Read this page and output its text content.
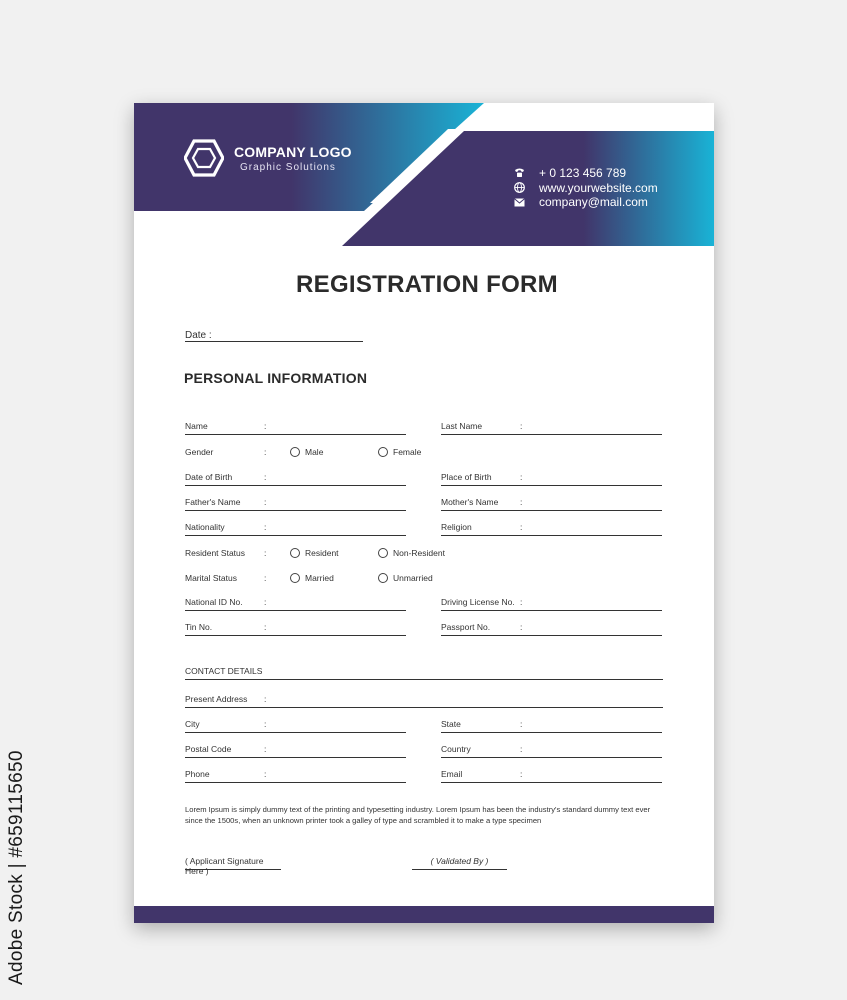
Adobe Stock | #659115650
COMPANY LOGO
Graphic Solutions	+ 0 123 456 789
www.yourwebsite.com
company@mail.com
REGISTRATION FORM
Date :
PERSONAL INFORMATION
Name	:	Last Name	:
Gender	:	Male	Female
Date of Birth	:	Place of Birth	:
Father's Name	:	Mother's Name	:
Nationality	:	Religion	:
Resident Status :	Resident	Non-Resident
Marital Status	:	Married	Unmarried
National ID No.	:	Driving License No. :
Tin No.	:	Passport No.	:
CONTACT DETAILS
Present Address :
City	:	State	:
Postal Code	:	Country	:
Phone	:	Email	:
Lorem Ipsum is simply dummy text of the printing and typesetting industry. Lorem Ipsum has been the industry's standard dummy text ever since the 1500s, when an unknown printer took a galley of type and scrambled it to make a type specimen
( Applicant Signature Here )
( Validated By )
